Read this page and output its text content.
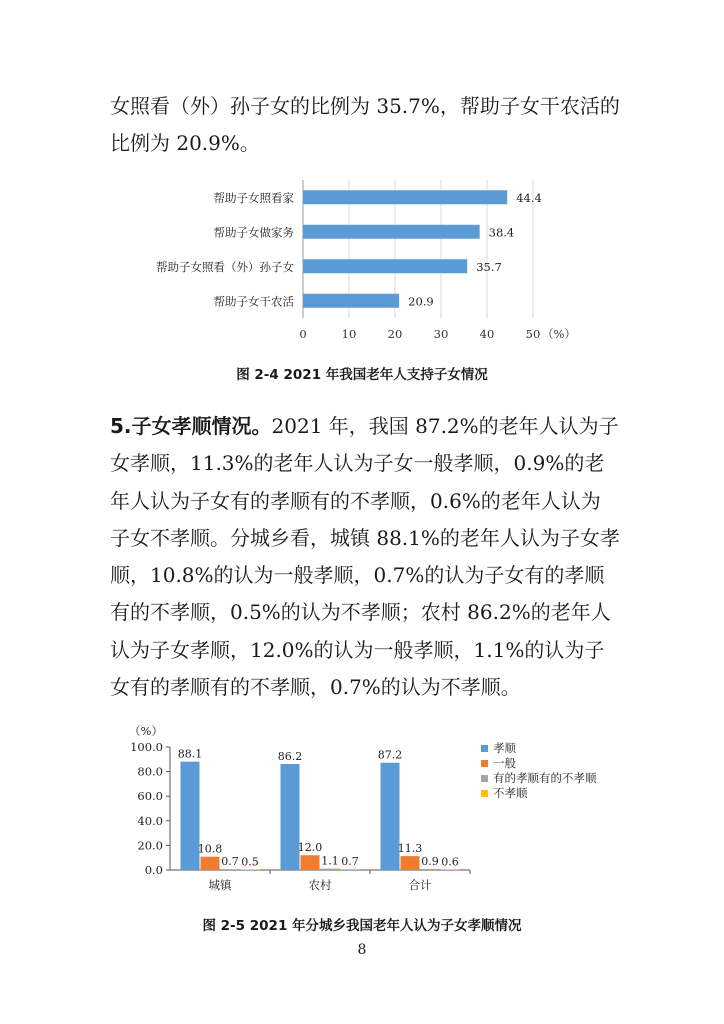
女照看（外）孙子女的比例为 35.7%，帮助子女干农活的比例为 20.9%。

0	10	20	30	40	50 （%）
帮助子女照看家	44.4
帮助子女做家务	38.4
帮助子女照看（外）孙子女	35.7
帮助子女干农活	20.9
图 2-4 2021 年我国老年人支持子女情况

5.子女孝顺情况。2021 年，我国 87.2%的老年人认为子女孝顺，11.3%的老年人认为子女一般孝顺，0.9%的老年人认为子女有的孝顺有的不孝顺，0.6%的老年人认为子女不孝顺。分城乡看，城镇 88.1%的老年人认为子女孝顺，10.8%的认为一般孝顺，0.7%的认为子女有的孝顺有的不孝顺，0.5%的认为不孝顺；农村 86.2%的老年人认为子女孝顺，12.0%的认为一般孝顺，1.1%的认为子女有的孝顺有的不孝顺，0.7%的认为不孝顺。

0.0
20.0
40.0
60.0
80.0
100.0
（%）
城镇
88.1
10.8
0.7 0.5
农村
86.2
12.0
1.1 0.7
合计
87.2
11.3
0.9 0.6
孝顺
一般
有的孝顺有的不孝顺
不孝顺
图 2-5 2021 年分城乡我国老年人认为子女孝顺情况
8
